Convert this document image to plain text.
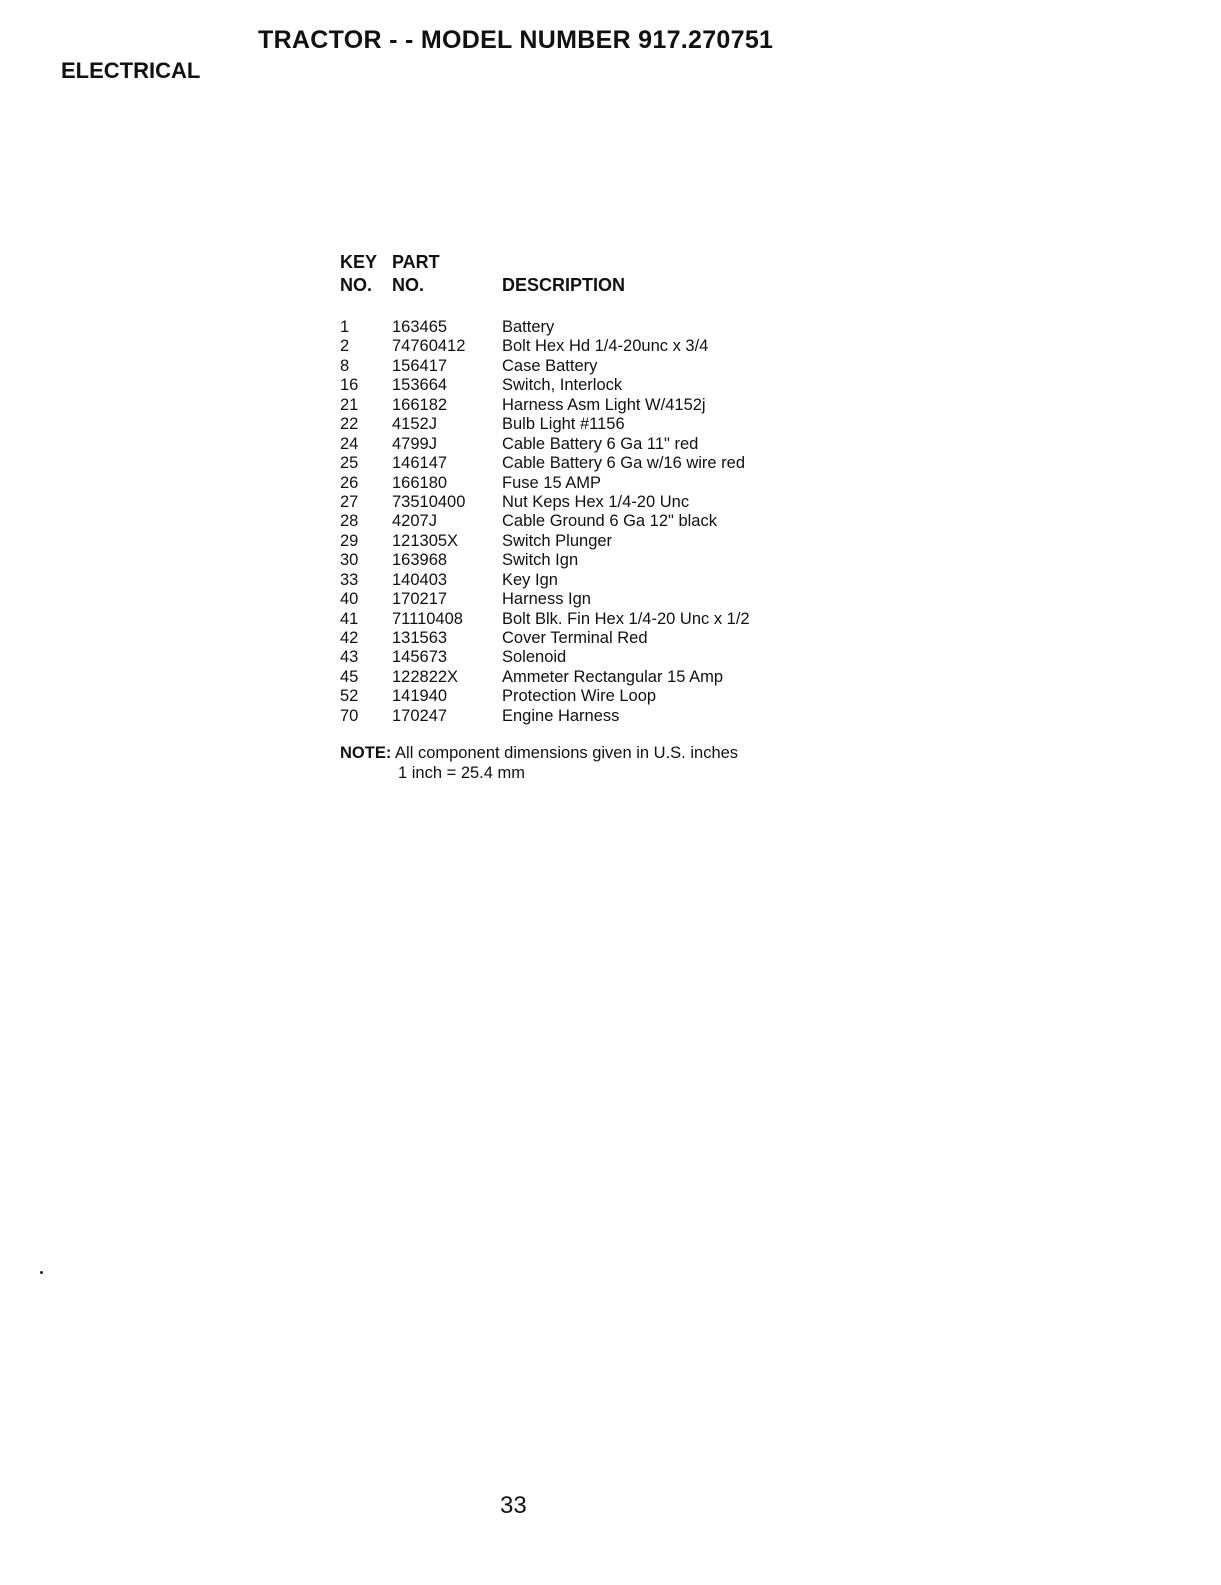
TRACTOR - - MODEL NUMBER 917.270751
ELECTRICAL
KEY
NO.
PART
NO.	DESCRIPTION
1	163465	Battery
2	74760412 Bolt Hex Hd 1/4-20unc x 3/4
8	156417	Case Battery
16 153664	Switch, Interlock
21 166182	Harness Asm Light W/4152j
22 4152J	Bulb Light #1156
24 4799J	Cable Battery 6 Ga 11" red
25 146147	Cable Battery 6 Ga w/16 wire red
26 166180	Fuse 15 AMP
27 73510400 Nut Keps Hex 1/4-20 Unc
28 4207J	Cable Ground 6 Ga 12" black
29 121305X	Switch Plunger
30 163968	Switch Ign
33 140403	Key Ign
40 170217	Harness Ign
41 71110408 Bolt Blk. Fin Hex 1/4-20 Unc x 1/2
42 131563	Cover Terminal Red
43 145673	Solenoid
45 122822X	Ammeter Rectangular 15 Amp
52 141940	Protection Wire Loop
70 170247	Engine Harness
NOTE: All component dimensions given in U.S. inches
1 inch = 25.4 mm
33
